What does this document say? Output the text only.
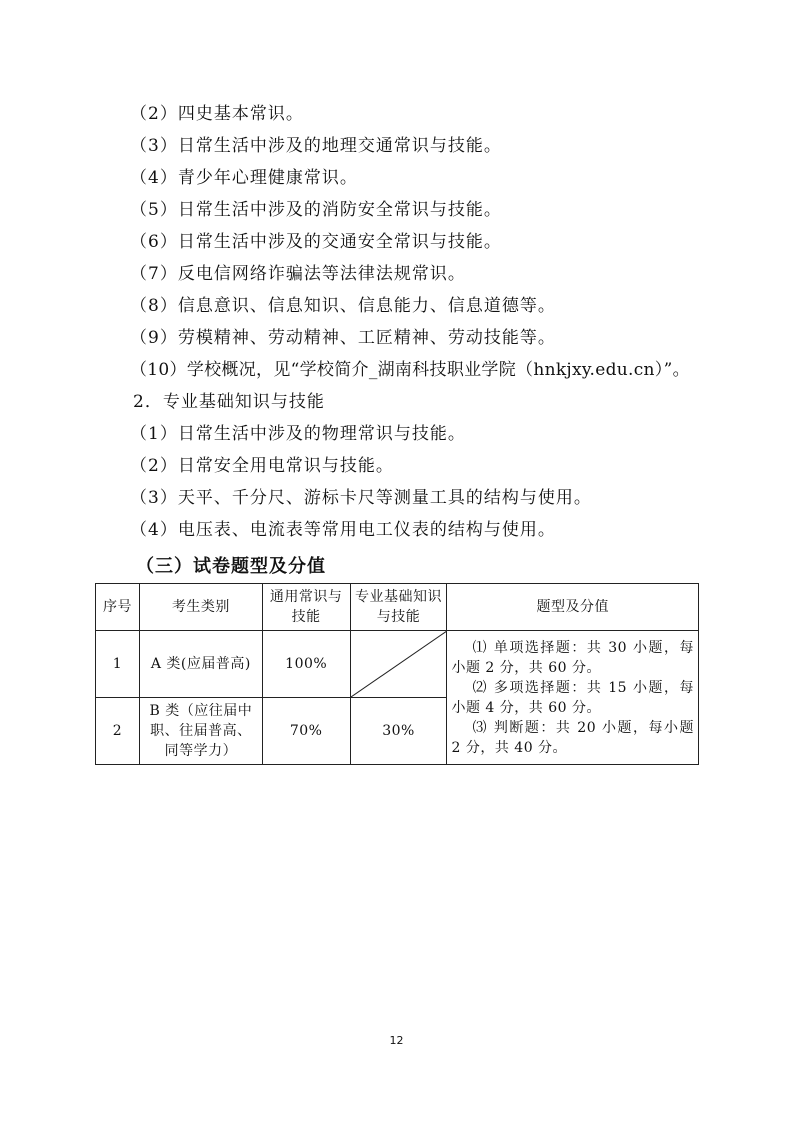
（2）四史基本常识。
（3）日常生活中涉及的地理交通常识与技能。
（4）青少年心理健康常识。
（5）日常生活中涉及的消防安全常识与技能。
（6）日常生活中涉及的交通安全常识与技能。
（7）反电信网络诈骗法等法律法规常识。
（8）信息意识、信息知识、信息能力、信息道德等。
（9）劳模精神、劳动精神、工匠精神、劳动技能等。
（10）学校概况，见“学校简介_湖南科技职业学院（hnkjxy.edu.cn）”。
2．专业基础知识与技能
（1）日常生活中涉及的物理常识与技能。
（2）日常安全用电常识与技能。
（3）天平、千分尺、游标卡尺等测量工具的结构与使用。
（4）电压表、电流表等常用电工仪表的结构与使用。
（三）试卷题型及分值
序号	考生类别	通用常识与技能	专业基础知识与技能	题型及分值
1	A 类(应届普高)	100%		⑴ 单项选择题：共 30 小题，每小题 2 分，共 60 分。
⑵ 多项选择题：共 15 小题，每小题 4 分，共 60 分。
⑶ 判断题：共 20 小题，每小题 2 分，共 40 分。

2	B 类（应往届中职、往届普高、同等学力）	70%	30%	
12
